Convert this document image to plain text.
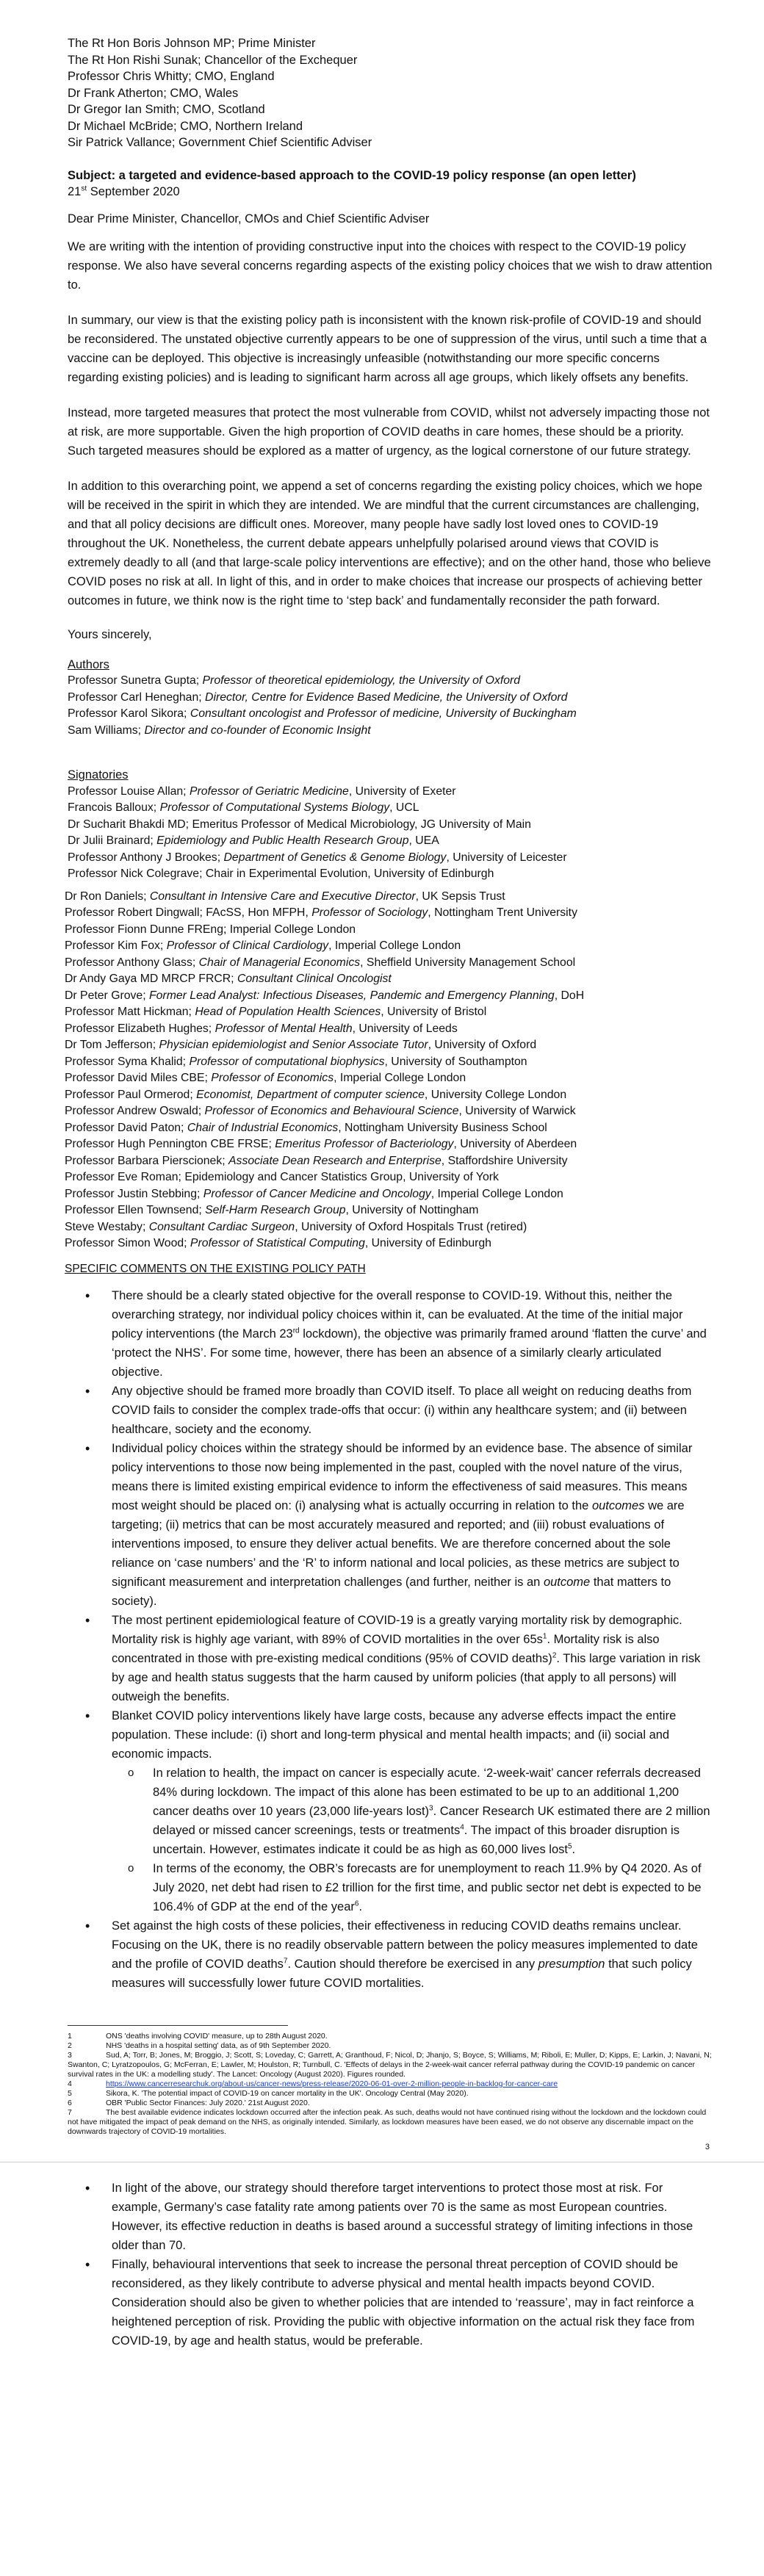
The Rt Hon Boris Johnson MP; Prime Minister
The Rt Hon Rishi Sunak; Chancellor of the Exchequer
Professor Chris Whitty; CMO, England
Dr Frank Atherton; CMO, Wales
Dr Gregor Ian Smith; CMO, Scotland
Dr Michael McBride; CMO, Northern Ireland
Sir Patrick Vallance; Government Chief Scientific Adviser
Subject: a targeted and evidence-based approach to the COVID-19 policy response (an open letter)
21st September 2020
Dear Prime Minister, Chancellor, CMOs and Chief Scientific Adviser

We are writing with the intention of providing constructive input into the choices with respect to the COVID-19 policy response. We also have several concerns regarding aspects of the existing policy choices that we wish to draw attention to.

In summary, our view is that the existing policy path is inconsistent with the known risk-profile of COVID-19 and should be reconsidered. The unstated objective currently appears to be one of suppression of the virus, until such a time that a vaccine can be deployed. This objective is increasingly unfeasible (notwithstanding our more specific concerns regarding existing policies) and is leading to significant harm across all age groups, which likely offsets any benefits.

Instead, more targeted measures that protect the most vulnerable from COVID, whilst not adversely impacting those not at risk, are more supportable. Given the high proportion of COVID deaths in care homes, these should be a priority. Such targeted measures should be explored as a matter of urgency, as the logical cornerstone of our future strategy.

In addition to this overarching point, we append a set of concerns regarding the existing policy choices, which we hope will be received in the spirit in which they are intended. We are mindful that the current circumstances are challenging, and that all policy decisions are difficult ones. Moreover, many people have sadly lost loved ones to COVID-19 throughout the UK. Nonetheless, the current debate appears unhelpfully polarised around views that COVID is extremely deadly to all (and that large-scale policy interventions are effective); and on the other hand, those who believe COVID poses no risk at all. In light of this, and in order to make choices that increase our prospects of achieving better outcomes in future, we think now is the right time to ‘step back’ and fundamentally reconsider the path forward.

Yours sincerely,
Authors
Professor Sunetra Gupta; Professor of theoretical epidemiology, the University of Oxford
Professor Carl Heneghan; Director, Centre for Evidence Based Medicine, the University of Oxford
Professor Karol Sikora; Consultant oncologist and Professor of medicine, University of Buckingham
Sam Williams; Director and co-founder of Economic Insight
Signatories
Professor Louise Allan; Professor of Geriatric Medicine, University of Exeter
Francois Balloux; Professor of Computational Systems Biology, UCL
Dr Sucharit Bhakdi MD; Emeritus Professor of Medical Microbiology, JG University of Main
Dr Julii Brainard; Epidemiology and Public Health Research Group, UEA
Professor Anthony J Brookes; Department of Genetics & Genome Biology, University of Leicester
Professor Nick Colegrave; Chair in Experimental Evolution, University of Edinburgh
Dr Ron Daniels; Consultant in Intensive Care and Executive Director, UK Sepsis Trust
Professor Robert Dingwall; FAcSS, Hon MFPH, Professor of Sociology, Nottingham Trent University
Professor Fionn Dunne FREng; Imperial College London
Professor Kim Fox; Professor of Clinical Cardiology, Imperial College London
Professor Anthony Glass; Chair of Managerial Economics, Sheffield University Management School
Dr Andy Gaya MD MRCP FRCR; Consultant Clinical Oncologist
Dr Peter Grove; Former Lead Analyst: Infectious Diseases, Pandemic and Emergency Planning, DoH
Professor Matt Hickman; Head of Population Health Sciences, University of Bristol
Professor Elizabeth Hughes; Professor of Mental Health, University of Leeds
Dr Tom Jefferson; Physician epidemiologist and Senior Associate Tutor, University of Oxford
Professor Syma Khalid; Professor of computational biophysics, University of Southampton
Professor David Miles CBE; Professor of Economics, Imperial College London
Professor Paul Ormerod; Economist, Department of computer science, University College London
Professor Andrew Oswald; Professor of Economics and Behavioural Science, University of Warwick
Professor David Paton; Chair of Industrial Economics, Nottingham University Business School
Professor Hugh Pennington CBE FRSE; Emeritus Professor of Bacteriology, University of Aberdeen
Professor Barbara Pierscionek; Associate Dean Research and Enterprise, Staffordshire University
Professor Eve Roman; Epidemiology and Cancer Statistics Group, University of York
Professor Justin Stebbing; Professor of Cancer Medicine and Oncology, Imperial College London
Professor Ellen Townsend; Self-Harm Research Group, University of Nottingham
Steve Westaby; Consultant Cardiac Surgeon, University of Oxford Hospitals Trust (retired)
Professor Simon Wood; Professor of Statistical Computing, University of Edinburgh
SPECIFIC COMMENTS ON THE EXISTING POLICY PATH
• There should be a clearly stated objective for the overall response to COVID-19. Without this, neither the overarching strategy, nor individual policy choices within it, can be evaluated. At the time of the initial major policy interventions (the March 23rd lockdown), the objective was primarily framed around ‘flatten the curve’ and ‘protect the NHS’. For some time, however, there has been an absence of a similarly clearly articulated objective.
• Any objective should be framed more broadly than COVID itself. To place all weight on reducing deaths from COVID fails to consider the complex trade-offs that occur: (i) within any healthcare system; and (ii) between healthcare, society and the economy.
• Individual policy choices within the strategy should be informed by an evidence base. The absence of similar policy interventions to those now being implemented in the past, coupled with the novel nature of the virus, means there is limited existing empirical evidence to inform the effectiveness of said measures. This means most weight should be placed on: (i) analysing what is actually occurring in relation to the outcomes we are targeting; (ii) metrics that can be most accurately measured and reported; and (iii) robust evaluations of interventions imposed, to ensure they deliver actual benefits. We are therefore concerned about the sole reliance on ‘case numbers’ and the ‘R’ to inform national and local policies, as these metrics are subject to significant measurement and interpretation challenges (and further, neither is an outcome that matters to society).
• The most pertinent epidemiological feature of COVID-19 is a greatly varying mortality risk by demographic. Mortality risk is highly age variant, with 89% of COVID mortalities in the over $65s^1$. Mortality risk is also concentrated in those with pre-existing medical conditions (95% of COVID deaths)$^2$. This large variation in risk by age and health status suggests that the harm caused by uniform policies (that apply to all persons) will outweigh the benefits.
• Blanket COVID policy interventions likely have large costs, because any adverse effects impact the entire population. These include: (i) short and long-term physical and mental health impacts; and (ii) social and economic impacts.
o In relation to health, the impact on cancer is especially acute. ‘2-week-wait’ cancer referrals decreased 84% during lockdown. The impact of this alone has been estimated to be up to an additional 1,200 cancer deaths over 10 years (23,000 life-years lost)$^3$. Cancer Research UK estimated there are 2 million delayed or missed cancer screenings, tests or treatments$^4$. The impact of this broader disruption is uncertain. However, estimates indicate it could be as high as 60,000 lives lost$^5$.
o In terms of the economy, the OBR’s forecasts are for unemployment to reach 11.9% by Q4 2020. As of July 2020, net debt had risen to £2 trillion for the first time, and public sector net debt is expected to be 106.4% of GDP at the end of the year$^6$.
• Set against the high costs of these policies, their effectiveness in reducing COVID deaths remains unclear. Focusing on the UK, there is no readily observable pattern between the policy measures implemented to date and the profile of COVID deaths$^7$. Caution should therefore be exercised in any presumption that such policy measures will successfully lower future COVID mortalities.
1	ONS 'deaths involving COVID' measure, up to 28th August 2020.
2	NHS 'deaths in a hospital setting' data, as of 9th September 2020.
3	Sud, A; Torr, B; Jones, M; Broggio, J; Scott, S; Loveday, C; Garrett, A; Granthoud, F; Nicol, D; Jhanjo, S; Boyce, S; Williams, M; Riboli, E; Muller, D; Kipps, E; Larkin, J; Navani, N; Swanton, C; Lyratzopoulos, G; McFerran, E; Lawler, M; Houlston, R; Turnbull, C. 'Effects of delays in the 2-week-wait cancer referral pathway during the COVID-19 pandemic on cancer survival rates in the UK: a modelling study'. The Lancet: Oncology (August 2020). Figures rounded.
4	https://www.cancerresearchuk.org/about-us/cancer-news/press-release/2020-06-01-over-2-million-people-in-backlog-for-cancer-care
5	Sikora, K. 'The potential impact of COVID-19 on cancer mortality in the UK'. Oncology Central (May 2020).
6	OBR 'Public Sector Finances: July 2020.' 21st August 2020.
7	The best available evidence indicates lockdown occurred after the infection peak. As such, deaths would not have continued rising without the lockdown and the lockdown could not have mitigated the impact of peak demand on the NHS, as originally intended. Similarly, as lockdown measures have been eased, we do not observe any discernable impact on the downwards trajectory of COVID-19 mortalities.
3
• In light of the above, our strategy should therefore target interventions to protect those most at risk. For example, Germany’s case fatality rate among patients over 70 is the same as most European countries. However, its effective reduction in deaths is based around a successful strategy of limiting infections in those older than 70.
• Finally, behavioural interventions that seek to increase the personal threat perception of COVID should be reconsidered, as they likely contribute to adverse physical and mental health impacts beyond COVID. Consideration should also be given to whether policies that are intended to ‘reassure’, may in fact reinforce a heightened perception of risk. Providing the public with objective information on the actual risk they face from COVID-19, by age and health status, would be preferable.
